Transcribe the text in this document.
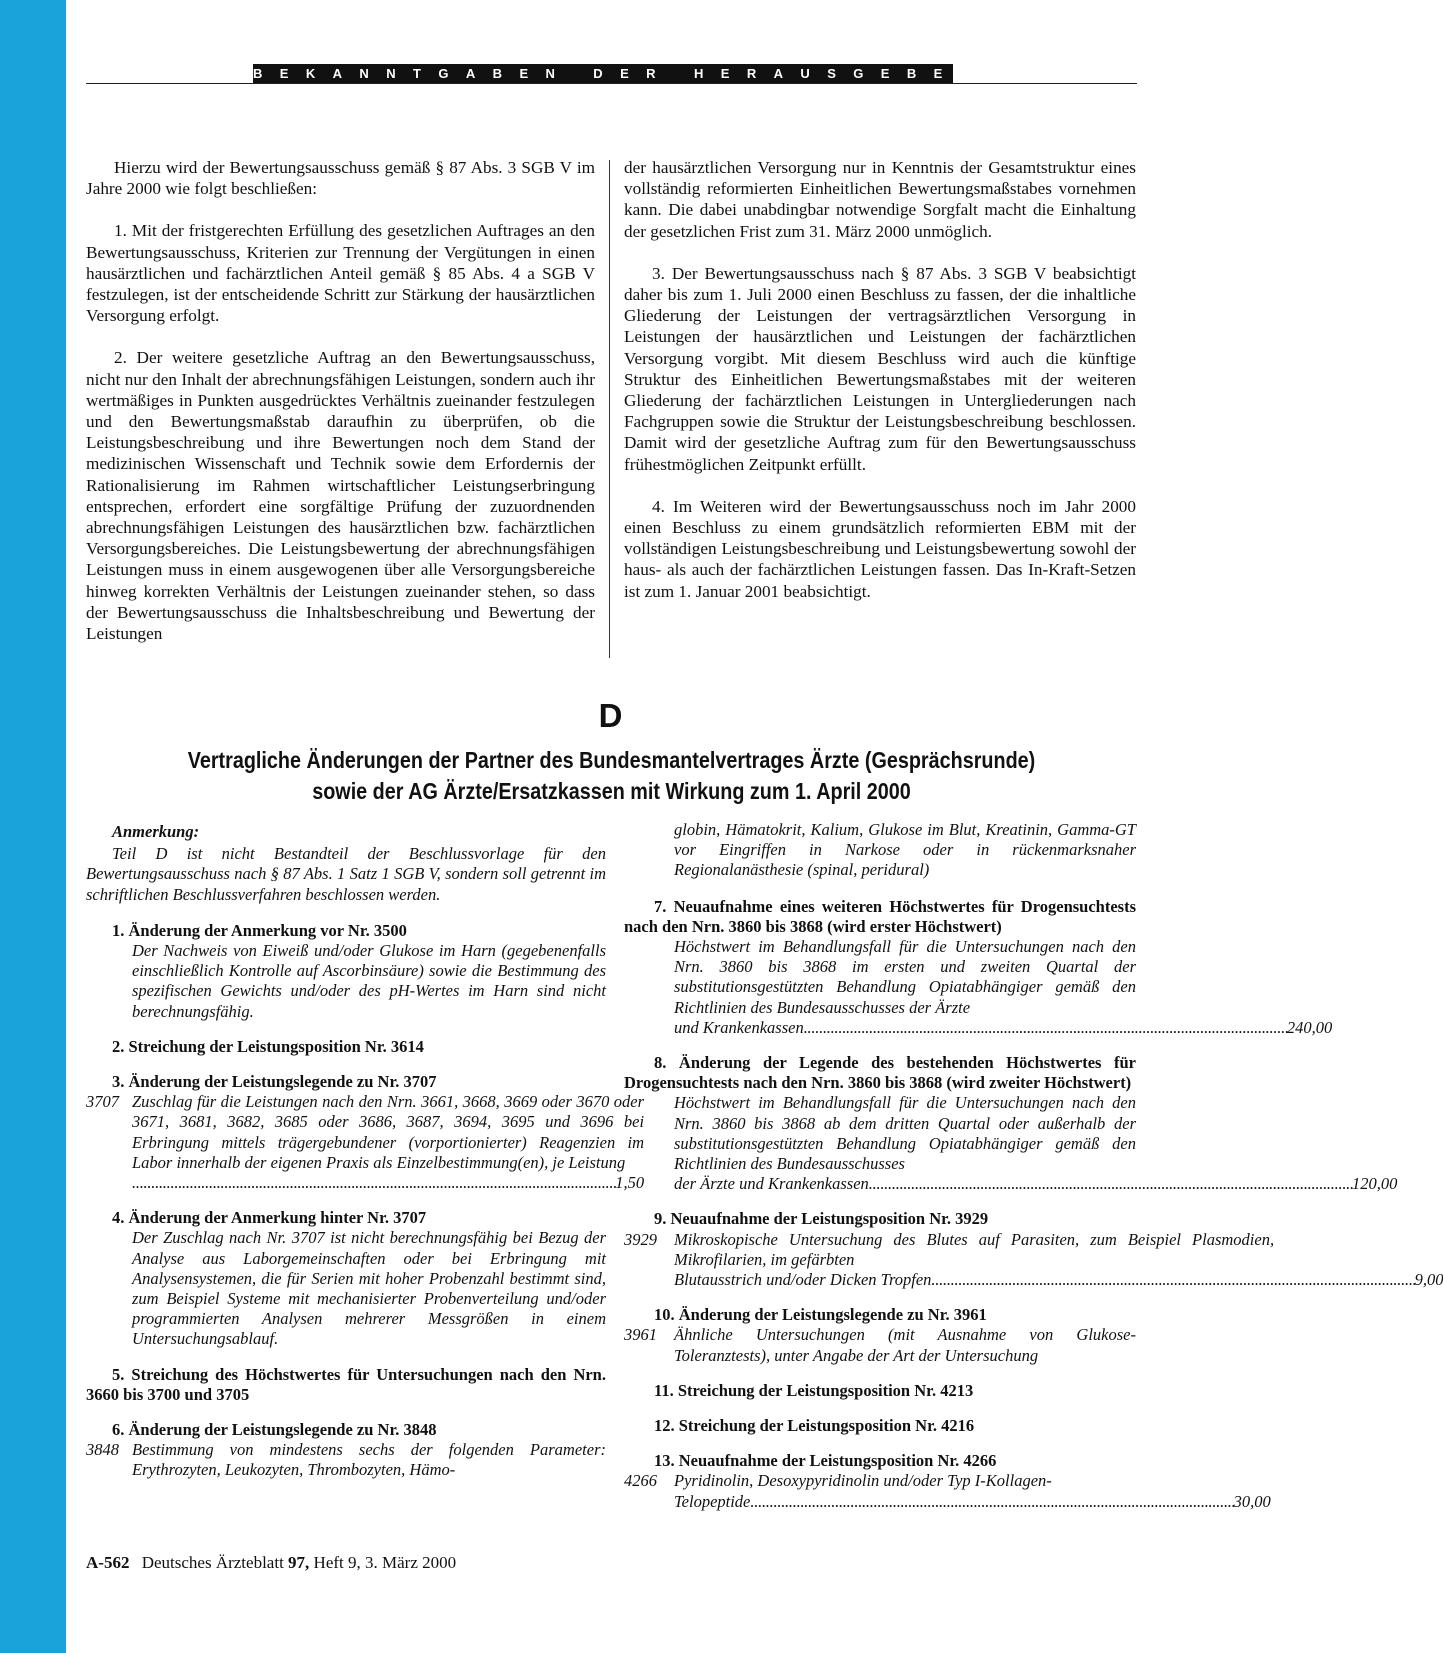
BEKANNTGABEN DER HERAUSGEBER

Hierzu wird der Bewertungsausschuss gemäß § 87 Abs. 3 SGB V im Jahre 2000 wie folgt beschließen:

1. Mit der fristgerechten Erfüllung des gesetzlichen Auftrages an den Bewertungsausschuss, Kriterien zur Trennung der Vergütungen in einen hausärztlichen und fachärztlichen Anteil gemäß § 85 Abs. 4 a SGB V festzulegen, ist der entscheidende Schritt zur Stärkung der hausärztlichen Versorgung erfolgt.

2. Der weitere gesetzliche Auftrag an den Bewertungsausschuss, nicht nur den Inhalt der abrechnungsfähigen Leistungen, sondern auch ihr wertmäßiges in Punkten ausgedrücktes Verhältnis zueinander festzulegen und den Bewertungsmaßstab daraufhin zu überprüfen, ob die Leistungsbeschreibung und ihre Bewertungen noch dem Stand der medizinischen Wissenschaft und Technik sowie dem Erfordernis der Rationalisierung im Rahmen wirtschaftlicher Leistungserbringung entsprechen, erfordert eine sorgfältige Prüfung der zuzuordnenden abrechnungsfähigen Leistungen des hausärztlichen bzw. fachärztlichen Versorgungsbereiches. Die Leistungsbewertung der abrechnungsfähigen Leistungen muss in einem ausgewogenen über alle Versorgungsbereiche hinweg korrekten Verhältnis der Leistungen zueinander stehen, so dass der Bewertungsausschuss die Inhaltsbeschreibung und Bewertung der Leistungen

der hausärztlichen Versorgung nur in Kenntnis der Gesamtstruktur eines vollständig reformierten Einheitlichen Bewertungsmaßstabes vornehmen kann. Die dabei unabdingbar notwendige Sorgfalt macht die Einhaltung der gesetzlichen Frist zum 31. März 2000 unmöglich.

3. Der Bewertungsausschuss nach § 87 Abs. 3 SGB V beabsichtigt daher bis zum 1. Juli 2000 einen Beschluss zu fassen, der die inhaltliche Gliederung der Leistungen der vertragsärztlichen Versorgung in Leistungen der hausärztlichen und Leistungen der fachärztlichen Versorgung vorgibt. Mit diesem Beschluss wird auch die künftige Struktur des Einheitlichen Bewertungsmaßstabes mit der weiteren Gliederung der fachärztlichen Leistungen in Untergliederungen nach Fachgruppen sowie die Struktur der Leistungsbeschreibung beschlossen. Damit wird der gesetzliche Auftrag zum für den Bewertungsausschuss frühestmöglichen Zeitpunkt erfüllt.

4. Im Weiteren wird der Bewertungsausschuss noch im Jahr 2000 einen Beschluss zu einem grundsätzlich reformierten EBM mit der vollständigen Leistungsbeschreibung und Leistungsbewertung sowohl der haus- als auch der fachärztlichen Leistungen fassen. Das In-Kraft-Setzen ist zum 1. Januar 2001 beabsichtigt.

D
Vertragliche Änderungen der Partner des Bundesmantelvertrages Ärzte (Gesprächsrunde)
sowie der AG Ärzte/Ersatzkassen mit Wirkung zum 1. April 2000
Anmerkung:
Teil D ist nicht Bestandteil der Beschlussvorlage für den Bewertungsausschuss nach § 87 Abs. 1 Satz 1 SGB V, sondern soll getrennt im schriftlichen Beschlussverfahren beschlossen werden.
1. Änderung der Anmerkung vor Nr. 3500
Der Nachweis von Eiweiß und/oder Glukose im Harn (gegebenenfalls einschließlich Kontrolle auf Ascorbinsäure) sowie die Bestimmung des spezifischen Gewichts und/oder des pH-Wertes im Harn sind nicht berechnungsfähig.
2. Streichung der Leistungsposition Nr. 3614
3. Änderung der Leistungslegende zu Nr. 3707
3707 Zuschlag für die Leistungen nach den Nrn. 3661, 3668, 3669 oder 3670 oder 3671, 3681, 3682, 3685 oder 3686, 3687, 3694, 3695 und 3696 bei Erbringung mittels trägergebundener (vorportionierter) Reagenzien im Labor innerhalb der eigenen Praxis als Einzelbestimmung(en), je Leistung
. . .
1,50
4. Änderung der Anmerkung hinter Nr. 3707
Der Zuschlag nach Nr. 3707 ist nicht berechnungsfähig bei Bezug der Analyse aus Laborgemeinschaften oder bei Erbringung mit Analysensystemen, die für Serien mit hoher Probenzahl bestimmt sind, zum Beispiel Systeme mit mechanisierter Probenverteilung und/oder programmierten Analysen mehrerer Messgrößen in einem Untersuchungsablauf.
5. Streichung des Höchstwertes für Untersuchungen nach den Nrn. 3660 bis 3700 und 3705
6. Änderung der Leistungslegende zu Nr. 3848
3848 Bestimmung von mindestens sechs der folgenden Parameter: Erythrozyten, Leukozyten, Thrombozyten, Hämo-
globin, Hämatokrit, Kalium, Glukose im Blut, Kreatinin, Gamma-GT vor Eingriffen in Narkose oder in rückenmarksnaher Regionalanästhesie (spinal, peridural)
7. Neuaufnahme eines weiteren Höchstwertes für Drogensuchtests nach den Nrn. 3860 bis 3868 (wird erster Höchstwert)
Höchstwert im Behandlungsfall für die Untersuchungen nach den Nrn. 3860 bis 3868 im ersten und zweiten Quartal der substitutionsgestützten Behandlung Opiatabhängiger gemäß den Richtlinien des Bundesausschusses der Ärzte
und Krankenkassen . . .	240,00
8. Änderung der Legende des bestehenden Höchstwertes für Drogensuchtests nach den Nrn. 3860 bis 3868 (wird zweiter Höchstwert)
Höchstwert im Behandlungsfall für die Untersuchungen nach den Nrn. 3860 bis 3868 ab dem dritten Quartal oder außerhalb der substitutionsgestützten Behandlung Opiatabhängiger gemäß den Richtlinien des Bundesausschusses
der Ärzte und Krankenkassen . . .	120,00
9. Neuaufnahme der Leistungsposition Nr. 3929
3929	Mikroskopische Untersuchung des Blutes auf Parasiten, zum Beispiel Plasmodien, Mikrofilarien, im gefärbten
Blutausstrich und/oder Dicken Tropfen . . .	9,00
10. Änderung der Leistungslegende zu Nr. 3961
3961	Ähnliche Untersuchungen (mit Ausnahme von Glukose-Toleranztests), unter Angabe der Art der Untersuchung
11. Streichung der Leistungsposition Nr. 4213
12. Streichung der Leistungsposition Nr. 4216
13. Neuaufnahme der Leistungsposition Nr. 4266
4266	Pyridinolin, Desoxypyridinolin und/oder Typ I-Kollagen-
Telopeptide . . .	30,00
A-562 Deutsches Ärzteblatt 97, Heft 9, 3. März 2000
